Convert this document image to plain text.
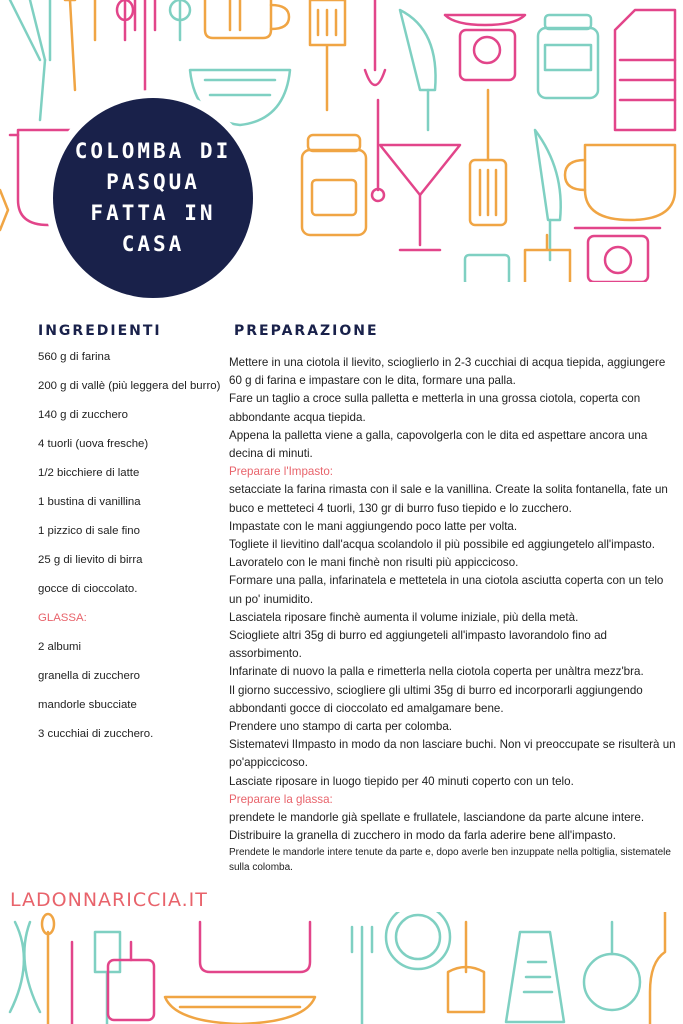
COLOMBA DI
PASQUA
FATTA IN
CASA
INGREDIENTI	PREPARAZIONE
560 g di farina
200 g di vallè (più leggera del burro)
140 g di zucchero
4 tuorli (uova fresche)
1/2 bicchiere di latte
1 bustina di vanillina
1 pizzico di sale fino
25 g di lievito di birra
gocce di cioccolato.
GLASSA:
2 albumi
granella di zucchero
mandorle sbucciate
3 cucchiai di zucchero.

Mettere in una ciotola il lievito, scioglierlo in 2-3 cucchiai di acqua tiepida, aggiungere 60 g di farina e impastare con le dita, formare una palla.

Fare un taglio a croce sulla palletta e metterla in una grossa ciotola, coperta con abbondante acqua tiepida.

Appena la palletta viene a galla, capovolgerla con le dita ed aspettare ancora una decina di minuti.

Preparare l'Impasto:

setacciate la farina rimasta con il sale e la vanillina. Create la solita fontanella, fate un buco e metteteci 4 tuorli, 130 gr di burro fuso tiepido e lo zucchero.

Impastate con le mani aggiungendo poco latte per volta.

Togliete il lievitino dall'acqua scolandolo il più possibile ed aggiungetelo all'impasto.

Lavoratelo con le mani finchè non risulti più appiccicoso.

Formare una palla, infarinatela e mettetela in una ciotola asciutta coperta con un telo un po' inumidito.

Lasciatela riposare finchè aumenta il volume iniziale, più della metà.

Sciogliete altri 35g di burro ed aggiungeteli all'impasto lavorandolo fino ad assorbimento.

Infarinate di nuovo la palla e rimetterla nella ciotola coperta per unàltra mezz'bra.

Il giorno successivo, sciogliere gli ultimi 35g di burro ed incorporarli aggiungendo abbondanti gocce di cioccolato ed amalgamare bene.

Prendere uno stampo di carta per colomba.

Sistematevi lImpasto in modo da non lasciare buchi. Non vi preoccupate se risulterà un po'appiccicoso.

Lasciate riposare in luogo tiepido per 40 minuti coperto con un telo.

Preparare la glassa:

prendete le mandorle già spellate e frullatele, lasciandone da parte alcune intere.

Distribuire la granella di zucchero in modo da farla aderire bene all'impasto.

Prendete le mandorle intere tenute da parte e, dopo averle ben inzuppate nella poltiglia, sistematele sulla colomba.

LADONNARICCIA.IT
